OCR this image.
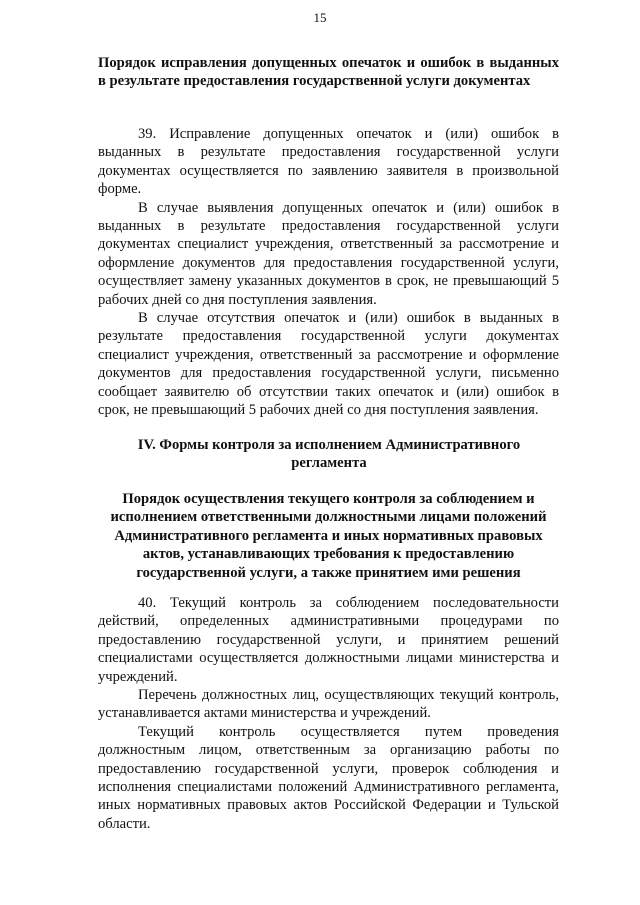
15
Порядок исправления допущенных опечаток и ошибок в выданных в результате предоставления государственной услуги документах

39. Исправление допущенных опечаток и (или) ошибок в выданных в результате предоставления государственной услуги документах осуществляется по заявлению заявителя в произвольной форме.

В случае выявления допущенных опечаток и (или) ошибок в выданных в результате предоставления государственной услуги документах специалист учреждения, ответственный за рассмотрение и оформление документов для предоставления государственной услуги, осуществляет замену указанных документов в срок, не превышающий 5 рабочих дней со дня поступления заявления.

В случае отсутствия опечаток и (или) ошибок в выданных в результате предоставления государственной услуги документах специалист учреждения, ответственный за рассмотрение и оформление документов для предоставления государственной услуги, письменно сообщает заявителю об отсутствии таких опечаток и (или) ошибок в срок, не превышающий 5 рабочих дней со дня поступления заявления.

IV. Формы контроля за исполнением Административного регламента
Порядок осуществления текущего контроля за соблюдением и исполнением ответственными должностными лицами положений Административного регламента и иных нормативных правовых актов, устанавливающих требования к предоставлению государственной услуги, а также принятием ими решения

40. Текущий контроль за соблюдением последовательности действий, определенных административными процедурами по предоставлению государственной услуги, и принятием решений специалистами осуществляется должностными лицами министерства и учреждений.

Перечень должностных лиц, осуществляющих текущий контроль, устанавливается актами министерства и учреждений.

Текущий контроль осуществляется путем проведения должностным лицом, ответственным за организацию работы по предоставлению государственной услуги, проверок соблюдения и исполнения специалистами положений Административного регламента, иных нормативных правовых актов Российской Федерации и Тульской области.
